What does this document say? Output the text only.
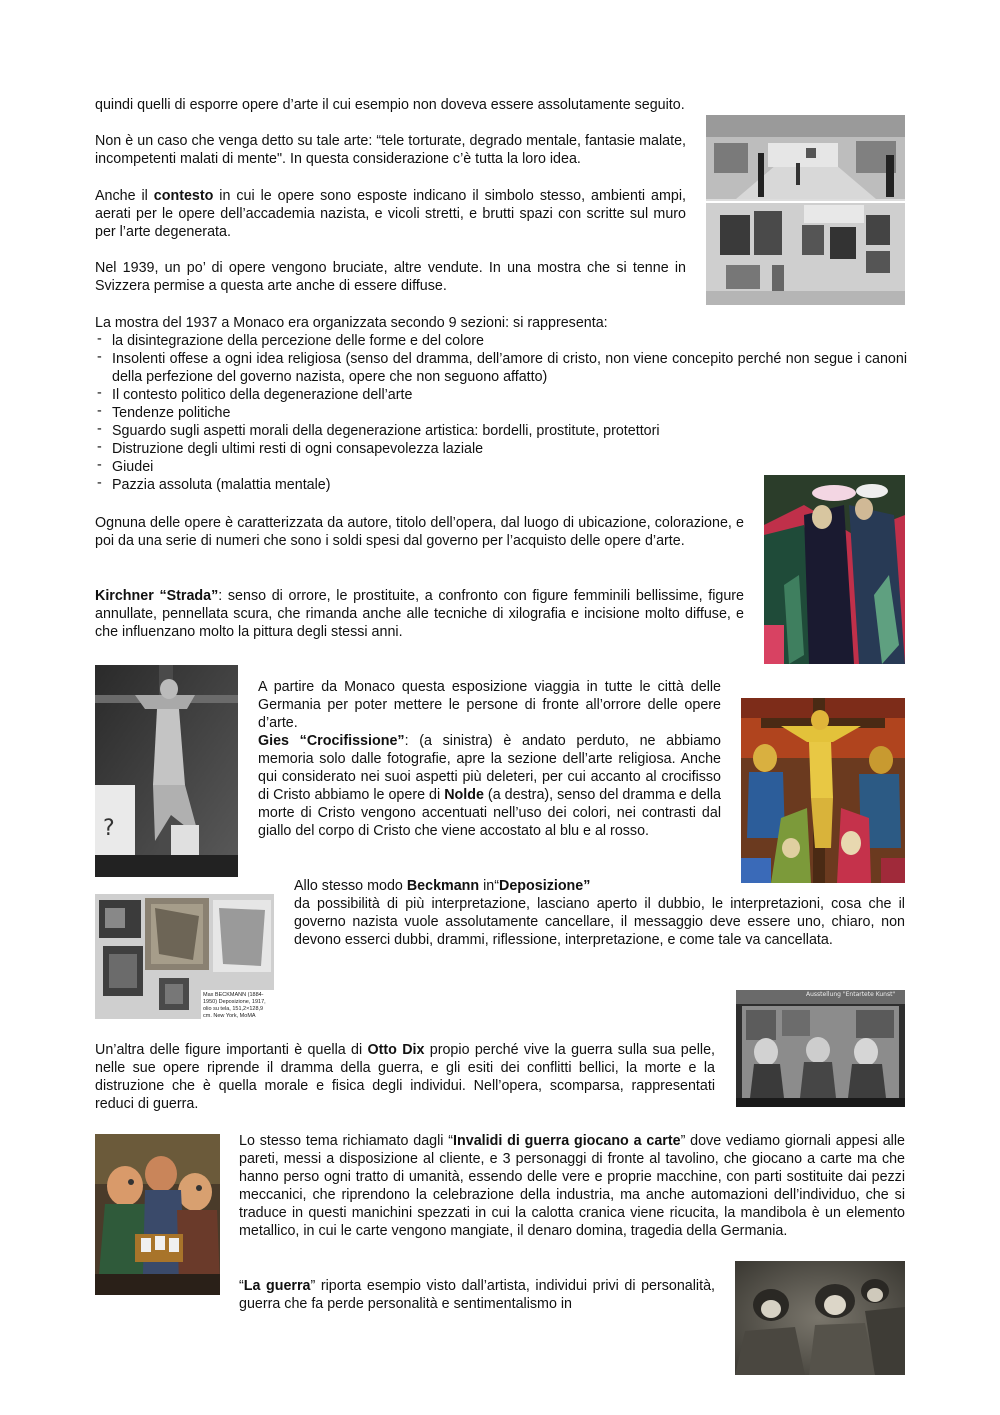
quindi quelli di esporre opere d’arte il cui esempio non doveva essere assolutamente seguito.

Non è un caso che venga detto su tale arte: “tele torturate, degrado mentale, fantasie malate, incompetenti malati di mente". In questa considerazione c’è tutta la loro idea.

Anche il contesto in cui le opere sono esposte indicano il simbolo stesso, ambienti ampi, aerati per le opere dell’accademia nazista, e vicoli stretti, e brutti spazi con scritte sul muro per l’arte degenerata.

Nel 1939, un po’ di opere vengono bruciate, altre vendute. In una mostra che si tenne in Svizzera permise a questa arte anche di essere diffuse.

La mostra del 1937 a Monaco era organizzata secondo 9 sezioni: si rappresenta:

- la disintegrazione della percezione delle forme e del colore
- Insolenti offese a ogni idea religiosa (senso del dramma, dell’amore di cristo, non viene concepito perché non segue i canoni della perfezione del governo nazista, opere che non seguono affatto)
- Il contesto politico della degenerazione dell’arte
- Tendenze politiche
- Sguardo sugli aspetti morali della degenerazione artistica: bordelli, prostitute, protettori
- Distruzione degli ultimi resti di ogni consapevolezza laziale
- Giudei
- Pazzia assoluta (malattia mentale)

Ognuna delle opere è caratterizzata da autore, titolo dell’opera, dal luogo di ubicazione, colorazione, e poi da una serie di numeri che sono i soldi spesi dal governo per l’acquisto delle opere d’arte.

Kirchner “Strada”: senso di orrore, le prostituite, a confronto con figure femminili bellissime, figure annullate, pennellata scura, che rimanda anche alle tecniche di xilografia e incisione molto diffuse, e che influenzano molto la pittura degli stessi anni.

A partire da Monaco questa esposizione viaggia in tutte le città delle Germania per poter mettere le persone di fronte all’orrore delle opere d’arte.

Gies “Crocifissione”: (a sinistra) è andato perduto, ne abbiamo memoria solo dalle fotografie, apre la sezione dell’arte religiosa. Anche qui considerato nei suoi aspetti più deleteri, per cui accanto al crocifisso di Cristo abbiamo le opere di Nolde (a destra), senso del dramma e della morte di Cristo vengono accentuati nell’uso dei colori, nei contrasti dal giallo del corpo di Cristo che viene accostato al blu e al rosso.

Allo stesso modo Beckmann in“Deposizione”

da possibilità di più interpretazione, lasciano aperto il dubbio, le interpretazioni, cosa che il governo nazista vuole assolutamente cancellare, il messaggio deve essere uno, chiaro, non devono esserci dubbi, drammi, riflessione, interpretazione, e come tale va cancellata.

Un’altra delle figure importanti è quella di Otto Dix propio perché vive la guerra sulla sua pelle, nelle sue opere riprende il dramma della guerra, e gli esiti dei conflitti bellici, la morte e la distruzione che è quella morale e fisica degli individui. Nell’opera, scomparsa, rappresentati reduci di guerra.

Lo stesso tema richiamato dagli “Invalidi di guerra giocano a carte” dove vediamo giornali appesi alle pareti, messi a disposizione al cliente, e 3 personaggi di fronte al tavolino, che giocano a carte ma che hanno perso ogni tratto di umanità, essendo delle vere e proprie macchine, con parti sostituite dai pezzi meccanici, che riprendono la celebrazione della industria, ma anche automazioni dell’individuo, che si traduce in questi manichini spezzati in cui la calotta cranica viene ricucita, la mandibola è un elemento metallico, in cui le carte vengono mangiate, il denaro domina, tragedia della Germania.

“La guerra” riporta esempio visto dall’artista, individui privi di personalità, guerra che fa perde personalità e sentimentalismo in

?
Max BECKMANN (1884-1950) Deposizione, 1917, olio su tela, 151,2×128,9 cm. New York, MoMA
Ausstellung "Entartete Kunst"
